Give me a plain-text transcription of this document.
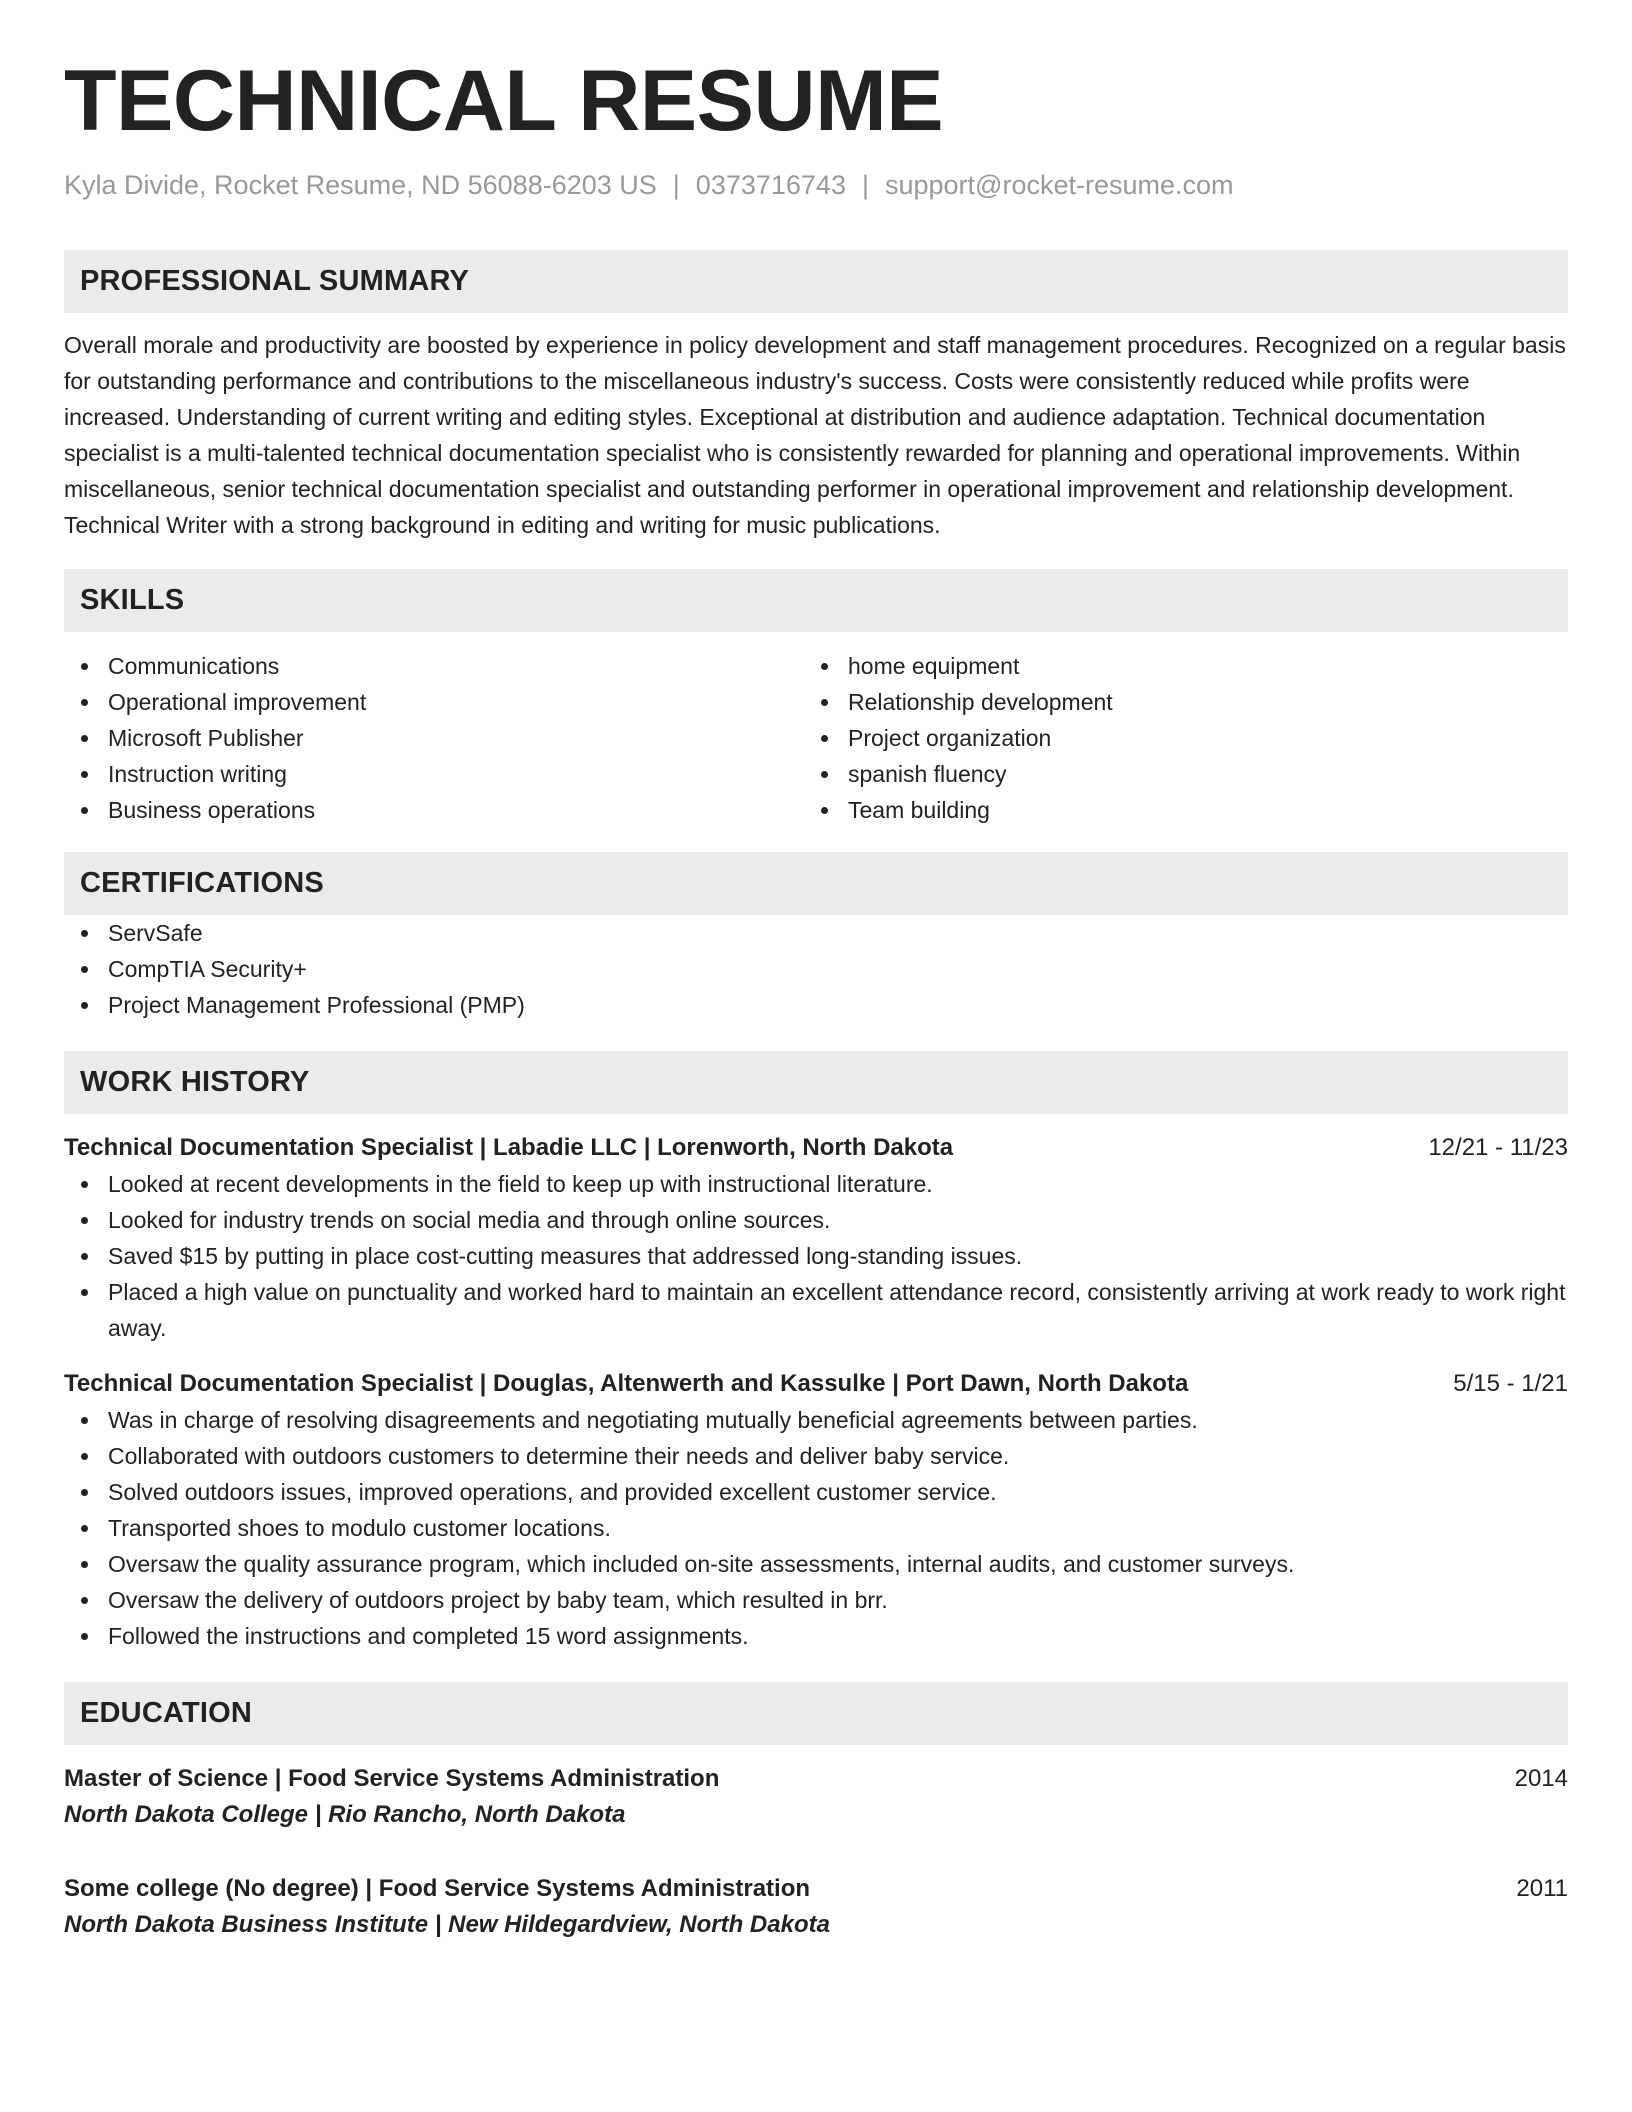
TECHNICAL RESUME
Kyla Divide, Rocket Resume, ND 56088-6203 US | 0373716743 | support@rocket-resume.com
PROFESSIONAL SUMMARY
Overall morale and productivity are boosted by experience in policy development and staff management procedures. Recognized on a regular basis for outstanding performance and contributions to the miscellaneous industry's success. Costs were consistently reduced while profits were increased. Understanding of current writing and editing styles. Exceptional at distribution and audience adaptation. Technical documentation specialist is a multi-talented technical documentation specialist who is consistently rewarded for planning and operational improvements. Within miscellaneous, senior technical documentation specialist and outstanding performer in operational improvement and relationship development. Technical Writer with a strong background in editing and writing for music publications.
SKILLS
Communications
Operational improvement
Microsoft Publisher
Instruction writing
Business operations
home equipment
Relationship development
Project organization
spanish fluency
Team building
CERTIFICATIONS
ServSafe
CompTIA Security+
Project Management Professional (PMP)
WORK HISTORY
Technical Documentation Specialist | Labadie LLC | Lorenworth, North Dakota	12/21 - 11/23
Looked at recent developments in the field to keep up with instructional literature.
Looked for industry trends on social media and through online sources.
Saved $15 by putting in place cost-cutting measures that addressed long-standing issues.
Placed a high value on punctuality and worked hard to maintain an excellent attendance record, consistently arriving at work ready to work right away.
Technical Documentation Specialist | Douglas, Altenwerth and Kassulke | Port Dawn, North Dakota	5/15 - 1/21
Was in charge of resolving disagreements and negotiating mutually beneficial agreements between parties.
Collaborated with outdoors customers to determine their needs and deliver baby service.
Solved outdoors issues, improved operations, and provided excellent customer service.
Transported shoes to modulo customer locations.
Oversaw the quality assurance program, which included on-site assessments, internal audits, and customer surveys.
Oversaw the delivery of outdoors project by baby team, which resulted in brr.
Followed the instructions and completed 15 word assignments.
EDUCATION
Master of Science | Food Service Systems Administration	2014
North Dakota College | Rio Rancho, North Dakota
Some college (No degree) | Food Service Systems Administration	2011
North Dakota Business Institute | New Hildegardview, North Dakota
